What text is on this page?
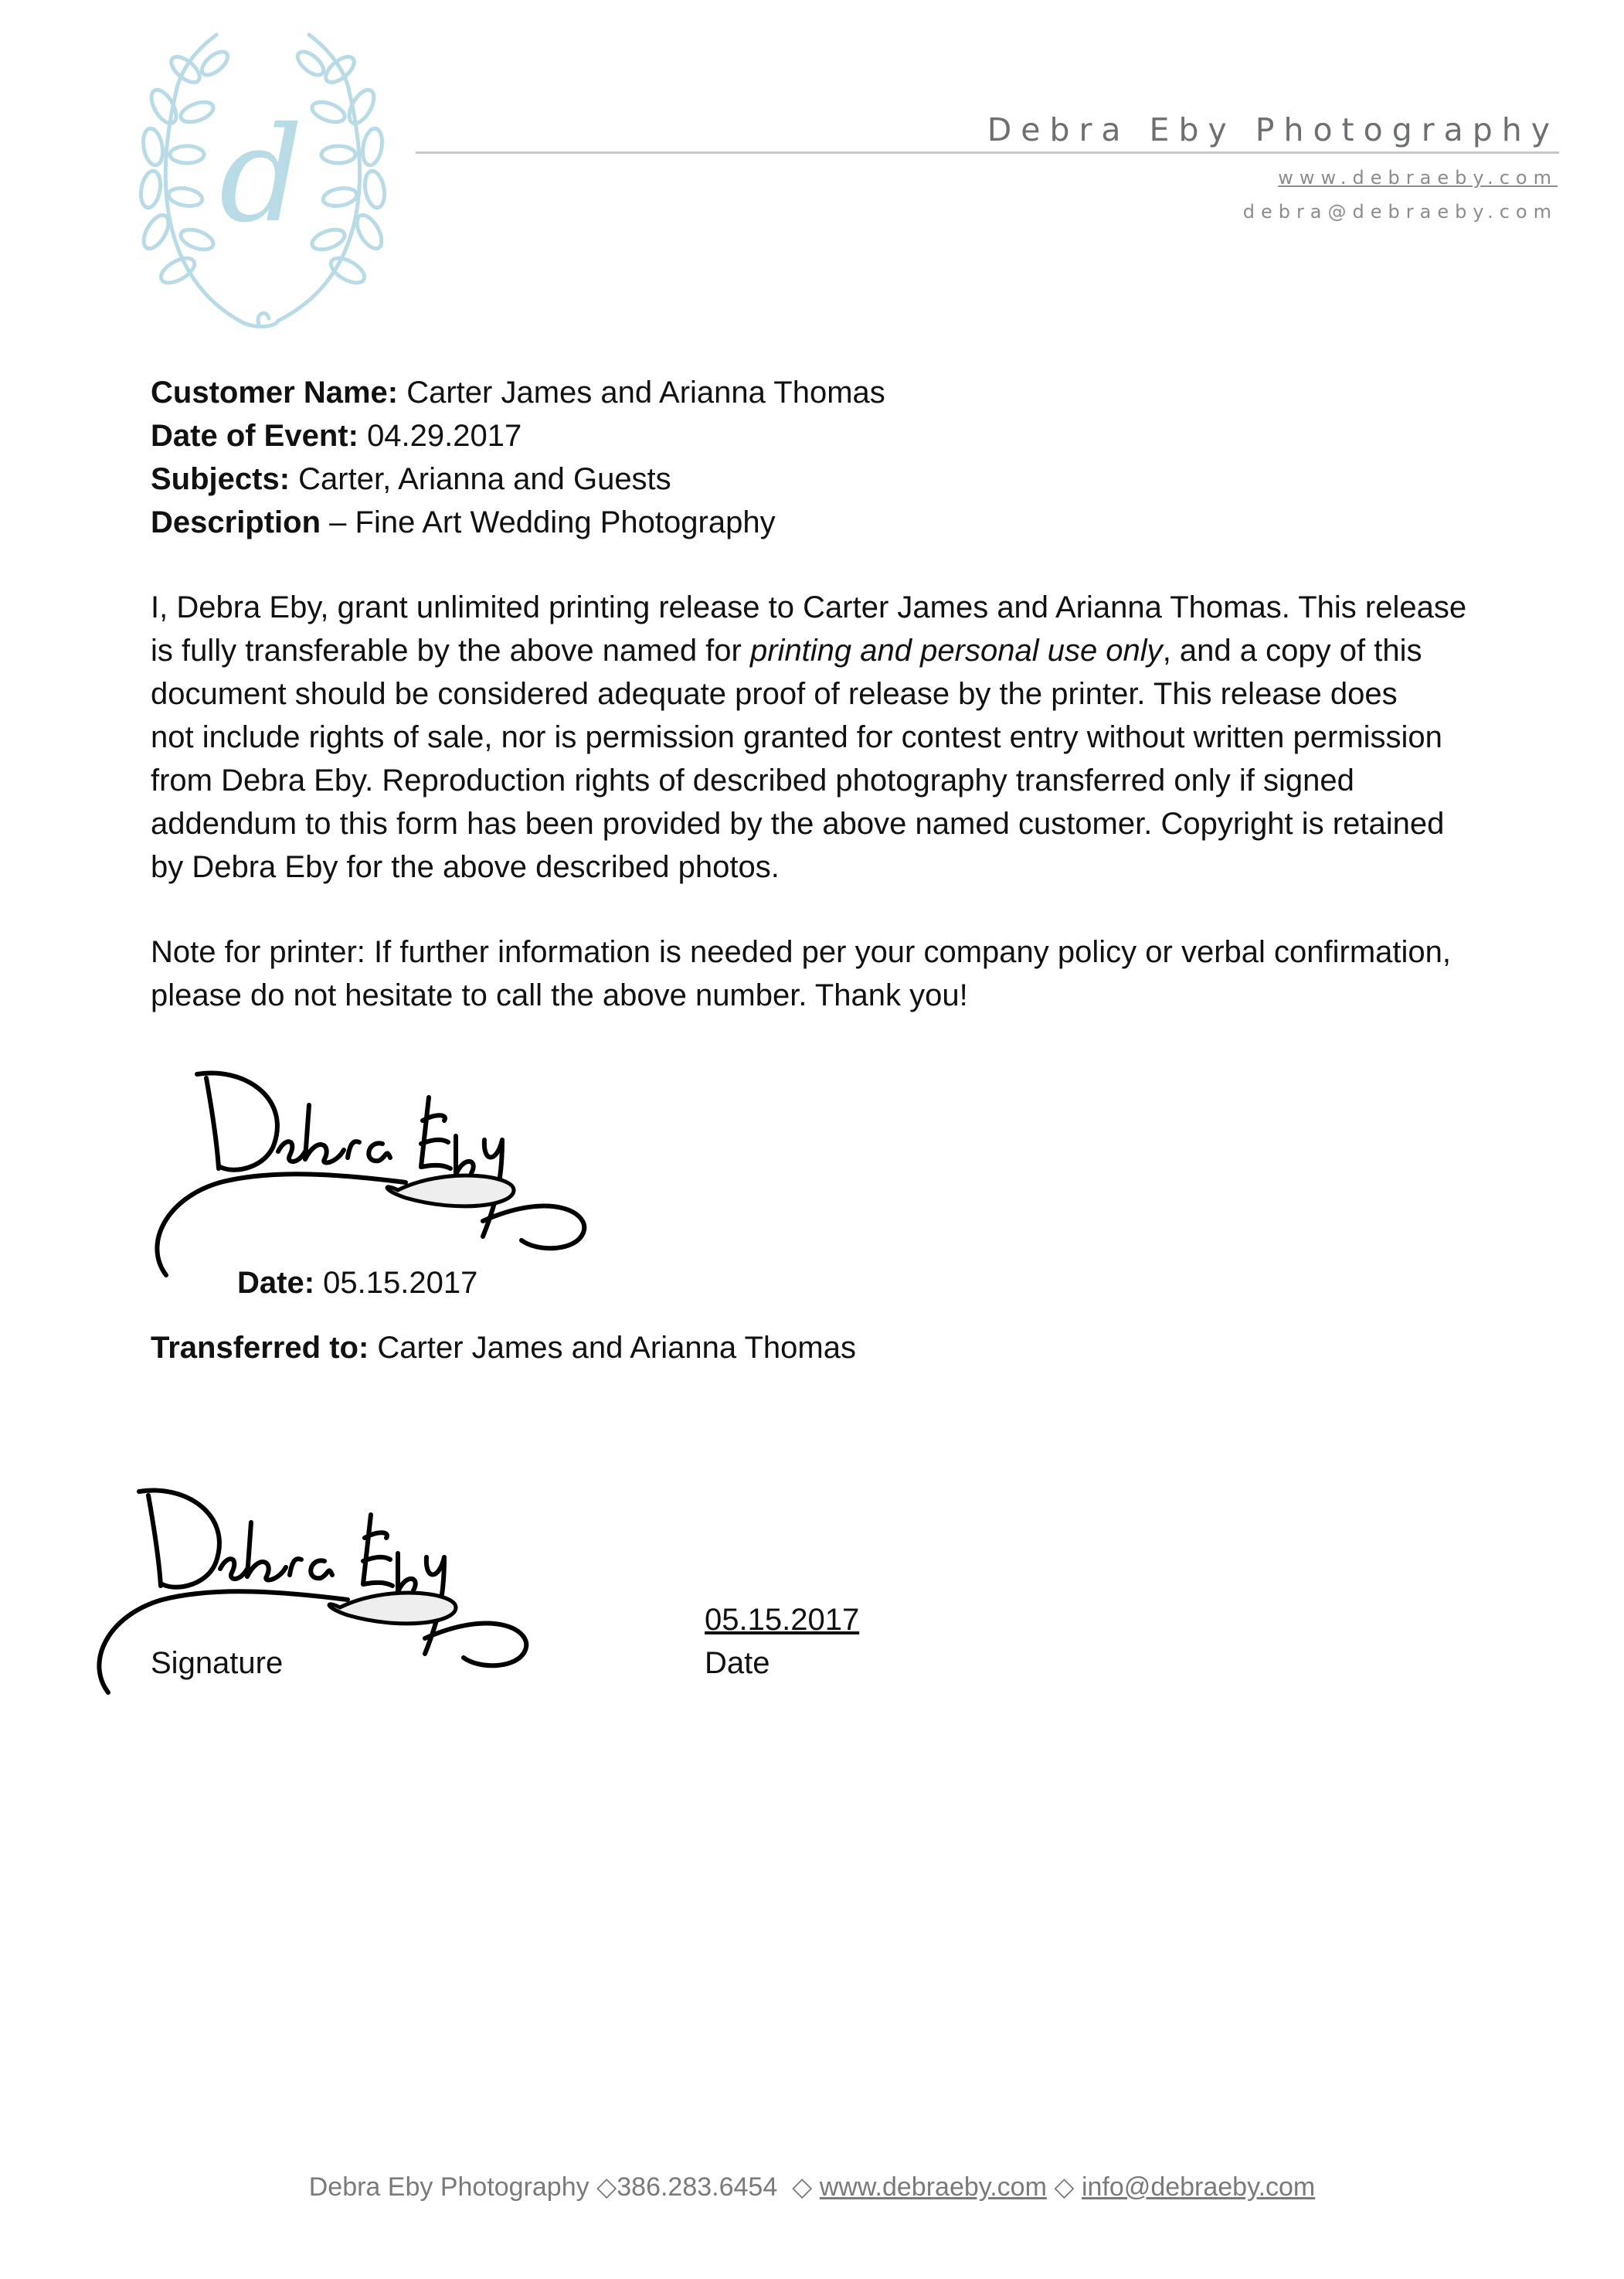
d	Debra Eby Photography
www.debraeby.com
debra@debraeby.com
Customer Name: Carter James and Arianna Thomas
Date of Event: 04.29.2017
Subjects: Carter, Arianna and Guests
Description – Fine Art Wedding Photography
I, Debra Eby, grant unlimited printing release to Carter James and Arianna Thomas. This release
is fully transferable by the above named for printing and personal use only, and a copy of this
document should be considered adequate proof of release by the printer. This release does
not include rights of sale, nor is permission granted for contest entry without written permission
from Debra Eby. Reproduction rights of described photography transferred only if signed
addendum to this form has been provided by the above named customer. Copyright is retained
by Debra Eby for the above described photos.
Note for printer: If further information is needed per your company policy or verbal confirmation,
please do not hesitate to call the above number. Thank you!
Date: 05.15.2017
Transferred to: Carter James and Arianna Thomas
05.15.2017
Signature	Date
Debra Eby Photography ◇386.283.6454 ◇ www.debraeby.com ◇ info@debraeby.com
